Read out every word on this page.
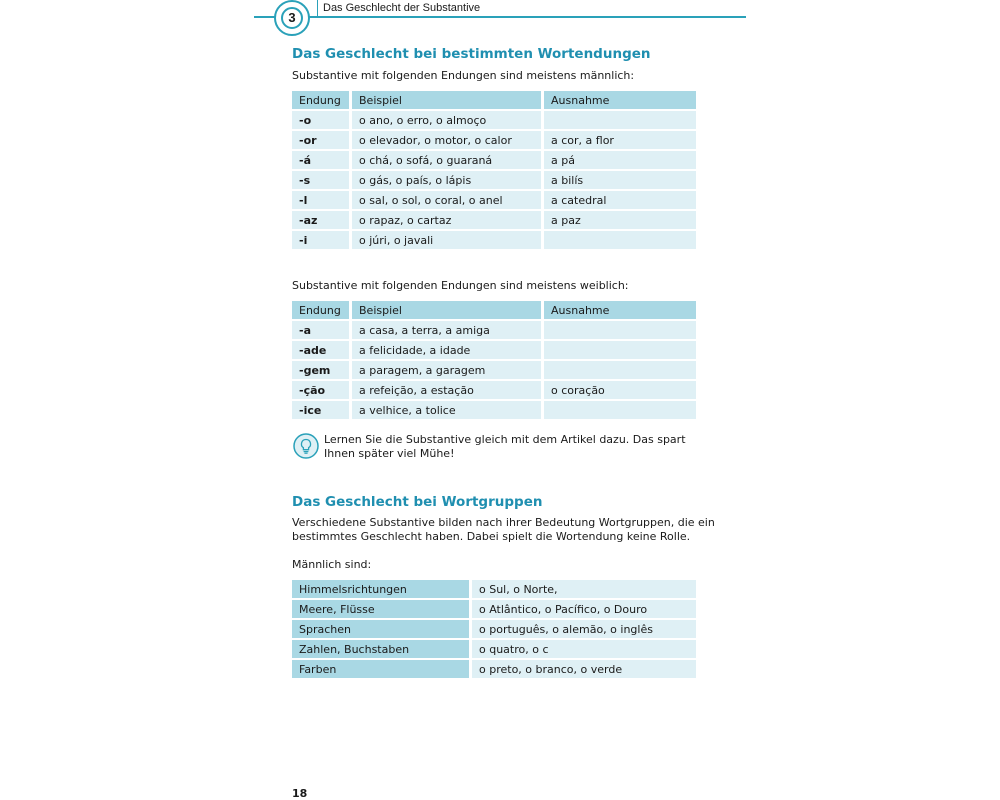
3
Das Geschlecht der Substantive
Das Geschlecht bei bestimmten Wortendungen

Substantive mit folgenden Endungen sind meistens männlich:

Endung	Beispiel	Ausnahme
-o	o ano, o erro, o almoço	
-or	o elevador, o motor, o calor	a cor, a flor
-á	o chá, o sofá, o guaraná	a pá
-s	o gás, o país, o lápis	a bilís
-l	o sal, o sol, o coral, o anel	a catedral
-az	o rapaz, o cartaz	a paz
-i	o júri, o javali	

Substantive mit folgenden Endungen sind meistens weiblich:

Endung	Beispiel	Ausnahme
-a	a casa, a terra, a amiga	
-ade	a felicidade, a idade	
-gem	a paragem, a garagem	
-ção	a refeição, a estação	o coração
-ice	a velhice, a tolice	

Lernen Sie die Substantive gleich mit dem Artikel dazu. Das spart Ihnen später viel Mühe!

Das Geschlecht bei Wortgruppen

Verschiedene Substantive bilden nach ihrer Bedeutung Wortgruppen, die ein bestimmtes Geschlecht haben. Dabei spielt die Wortendung keine Rolle.

Männlich sind:

Himmelsrichtungen	o Sul, o Norte,
Meere, Flüsse	o Atlântico, o Pacífico, o Douro
Sprachen	o português, o alemão, o inglês
Zahlen, Buchstaben	o quatro, o c
Farben	o preto, o branco, o verde
18
